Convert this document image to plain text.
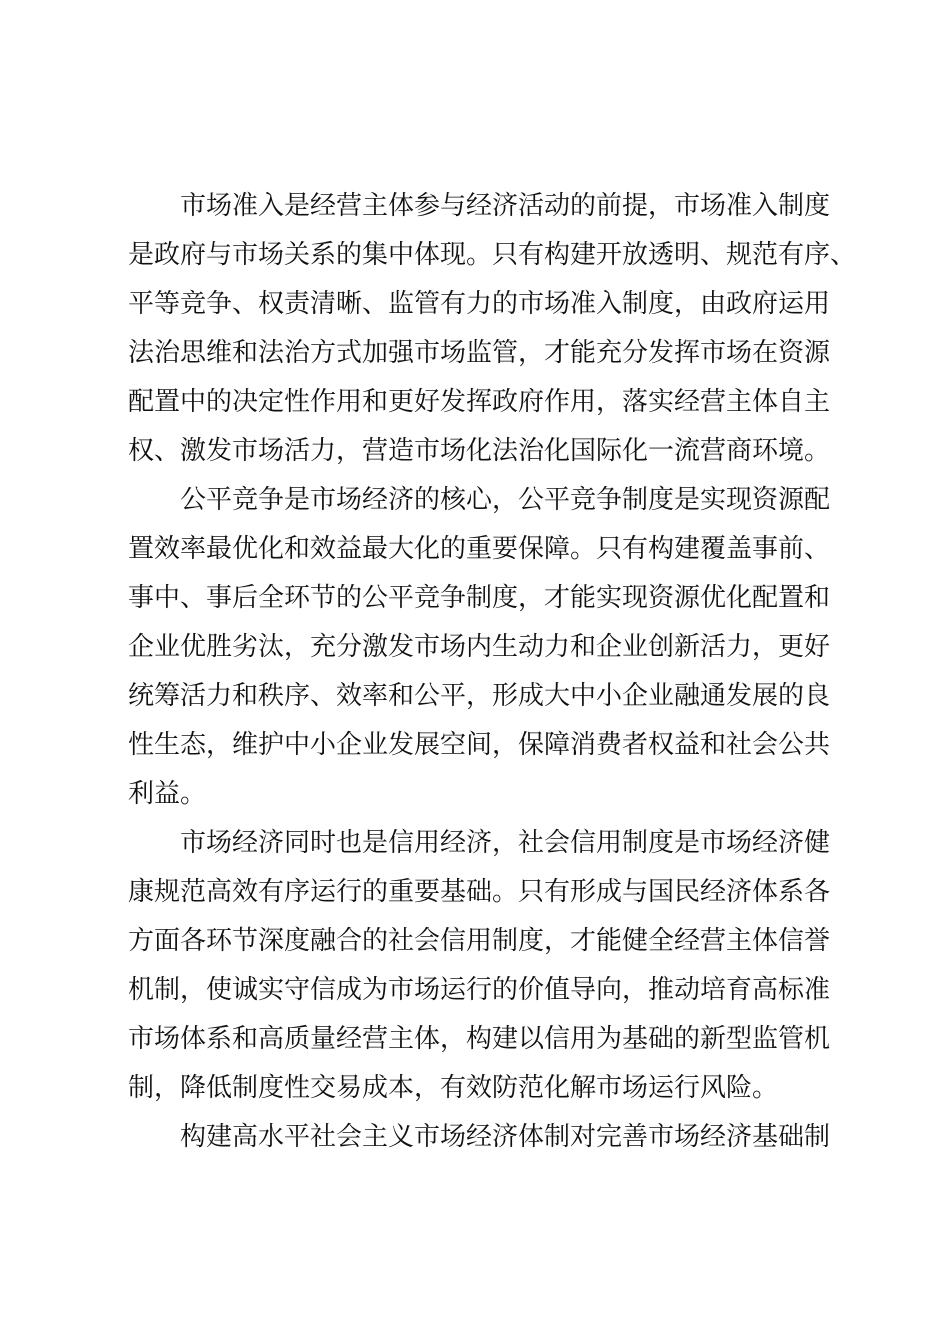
市场准入是经营主体参与经济活动的前提，市场准入制度
是政府与市场关系的集中体现。只有构建开放透明、规范有序、
平等竞争、权责清晰、监管有力的市场准入制度，由政府运用
法治思维和法治方式加强市场监管，才能充分发挥市场在资源
配置中的决定性作用和更好发挥政府作用，落实经营主体自主
权、激发市场活力，营造市场化法治化国际化一流营商环境。
公平竞争是市场经济的核心，公平竞争制度是实现资源配
置效率最优化和效益最大化的重要保障。只有构建覆盖事前、
事中、事后全环节的公平竞争制度，才能实现资源优化配置和
企业优胜劣汰，充分激发市场内生动力和企业创新活力，更好
统筹活力和秩序、效率和公平，形成大中小企业融通发展的良
性生态，维护中小企业发展空间，保障消费者权益和社会公共
利益。
市场经济同时也是信用经济，社会信用制度是市场经济健
康规范高效有序运行的重要基础。只有形成与国民经济体系各
方面各环节深度融合的社会信用制度，才能健全经营主体信誉
机制，使诚实守信成为市场运行的价值导向，推动培育高标准
市场体系和高质量经营主体，构建以信用为基础的新型监管机
制，降低制度性交易成本，有效防范化解市场运行风险。
构建高水平社会主义市场经济体制对完善市场经济基础制
